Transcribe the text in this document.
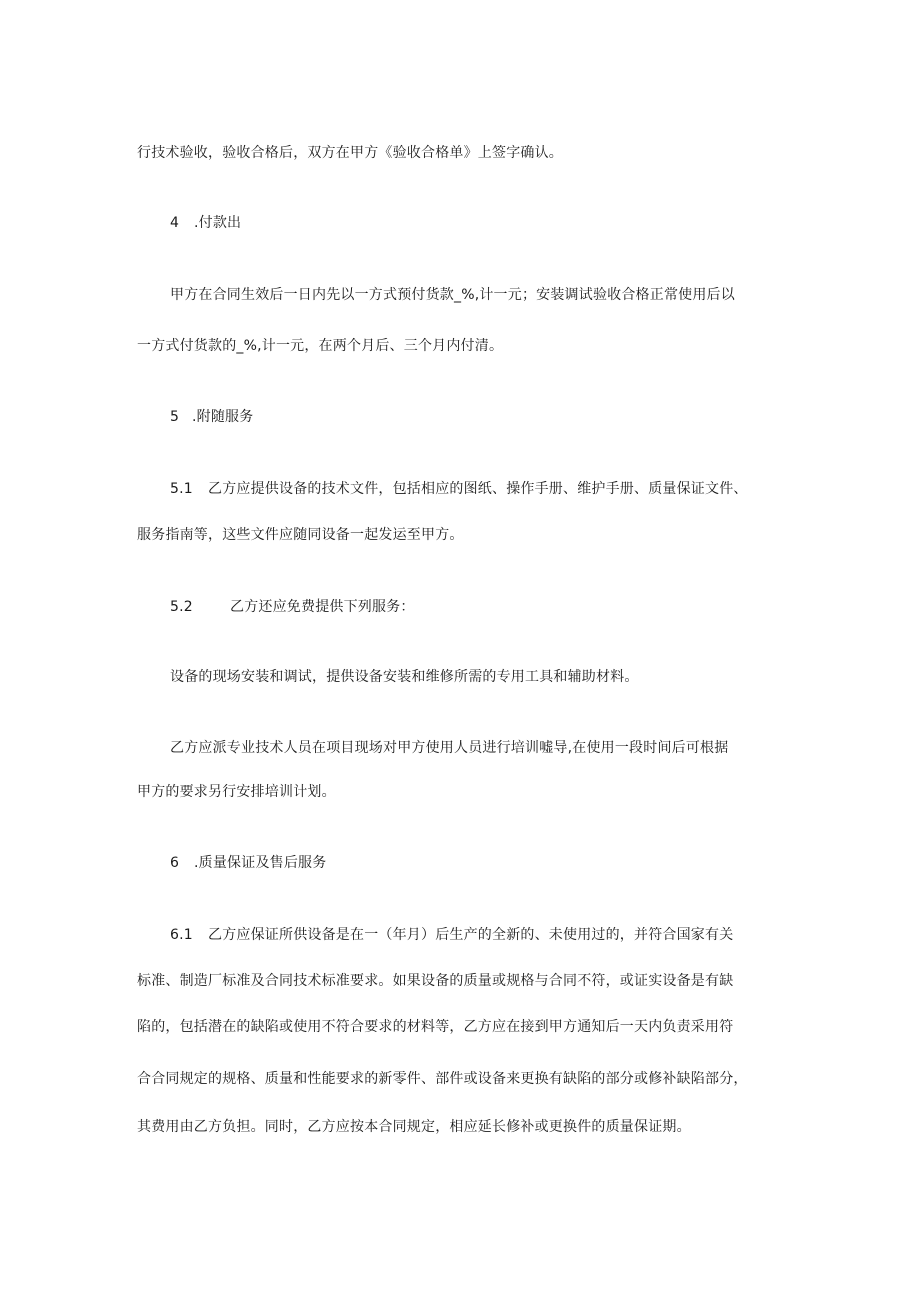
行技术验收，验收合格后，双方在甲方《验收合格单》上签字确认。
4 .付款出
甲方在合同生效后一日内先以一方式预付货款_%,计一元；安装调试验收合格正常使用后以
一方式付货款的_%,计一元，在两个月后、三个月内付清。
5 .附随服务
5.1 乙方应提供设备的技术文件，包括相应的图纸、操作手册、维护手册、质量保证文件、
服务指南等，这些文件应随同设备一起发运至甲方。
5.2	乙方还应免费提供下列服务：
设备的现场安装和调试，提供设备安装和维修所需的专用工具和辅助材料。
乙方应派专业技术人员在项目现场对甲方使用人员进行培训嘘导,在使用一段时间后可根据
甲方的要求另行安排培训计划。
6 .质量保证及售后服务
6.1 乙方应保证所供设备是在一（年月）后生产的全新的、未使用过的，并符合国家有关
标准、制造厂标准及合同技术标准要求。如果设备的质量或规格与合同不符，或证实设备是有缺
陷的，包括潜在的缺陷或使用不符合要求的材料等，乙方应在接到甲方通知后一天内负责采用符
合合同规定的规格、质量和性能要求的新零件、部件或设备来更换有缺陷的部分或修补缺陷部分，
其费用由乙方负担。同时，乙方应按本合同规定，相应延长修补或更换件的质量保证期。
